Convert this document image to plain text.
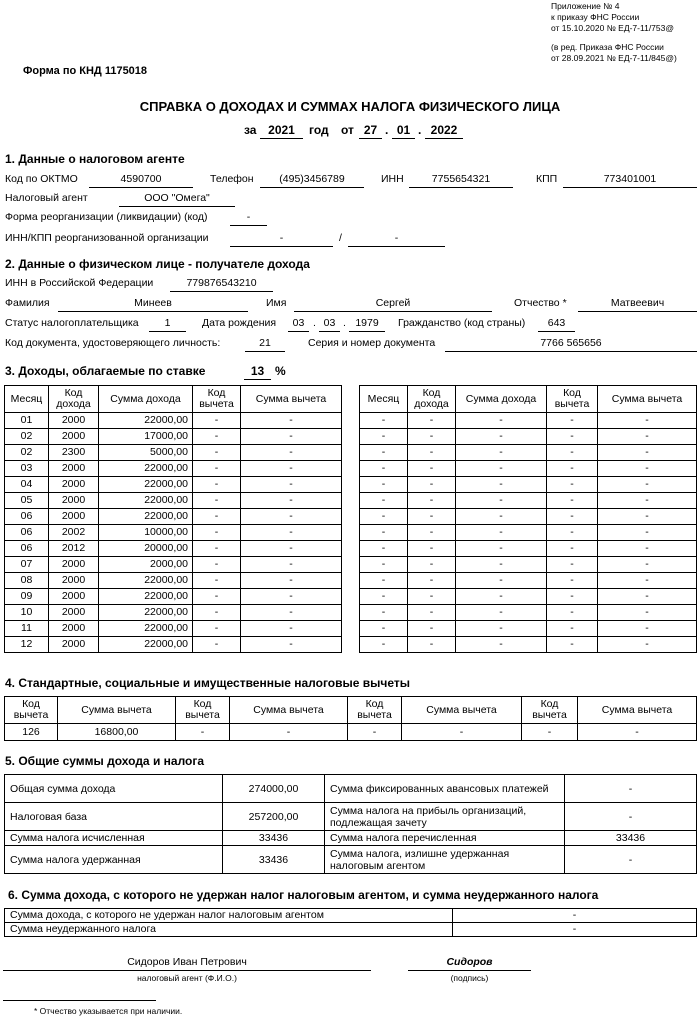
Приложение № 4
к приказу ФНС России
от 15.10.2020 № ЕД-7-11/753@
(в ред. Приказа ФНС России
от 28.09.2021 № ЕД-7-11/845@)
Форма по КНД 1175018
СПРАВКА О ДОХОДАХ И СУММАХ НАЛОГА ФИЗИЧЕСКОГО ЛИЦА
за 2021	год от 27 . 01 . 2022
1. Данные о налоговом агенте
Код по ОКТМО	4590700	Телефон	(495)3456789	ИНН	7755654321	КПП	773401001
Налоговый агент	ООО "Омега"
Форма реорганизации (ликвидации) (код)	-
ИНН/КПП реорганизованной организации	-	/	-
2. Данные о физическом лице - получателе дохода
ИНН в Российской Федерации	779876543210
Фамилия	Минеев	Имя	Сергей	Отчество *	Матвеевич
Статус налогоплательщика	1	Дата рождения	03 . 03 . 1979	Гражданство (код страны)	643
Код документа, удостоверяющего личность:	21	Серия и номер документа	7766 565656
3. Доходы, облагаемые по ставке	13 %
Месяц	Код дохода	Сумма дохода	Код вычета	Сумма вычета
01	2000	22000,00	-	-
02	2000	17000,00	-	-
02	2300	5000,00	-	-
03	2000	22000,00	-	-
04	2000	22000,00	-	-
05	2000	22000,00	-	-
06	2000	22000,00	-	-
06	2002	10000,00	-	-
06	2012	20000,00	-	-
07	2000	2000,00	-	-
08	2000	22000,00	-	-
09	2000	22000,00	-	-
10	2000	22000,00	-	-
11	2000	22000,00	-	-
12	2000	22000,00	-	-
Месяц	Код дохода	Сумма дохода	Код вычета	Сумма вычета
-	-	-	-	-
-	-	-	-	-
-	-	-	-	-
-	-	-	-	-
-	-	-	-	-
-	-	-	-	-
-	-	-	-	-
-	-	-	-	-
-	-	-	-	-
-	-	-	-	-
-	-	-	-	-
-	-	-	-	-
-	-	-	-	-
-	-	-	-	-
-	-	-	-	-
4. Стандартные, социальные и имущественные налоговые вычеты
Код вычета	Сумма вычета	Код вычета	Сумма вычета	Код вычета	Сумма вычета	Код вычета	Сумма вычета
126	16800,00	-	-	-	-	-	-
5. Общие суммы дохода и налога
Общая сумма дохода	274000,00	Сумма фиксированных авансовых платежей	-
Налоговая база	257200,00	Сумма налога на прибыль организаций, подлежащая зачету	-
Сумма налога исчисленная	33436	Сумма налога перечисленная	33436
Сумма налога удержанная	33436	Сумма налога, излишне удержанная налоговым агентом	-
6. Сумма дохода, с которого не удержан налог налоговым агентом, и сумма неудержанного налога
Сумма дохода, с которого не удержан налог налоговым агентом	-
Сумма неудержанного налога	-
Сидоров Иван Петрович
налоговый агент (Ф.И.О.)
Сидоров
(подпись)
* Отчество указывается при наличии.
